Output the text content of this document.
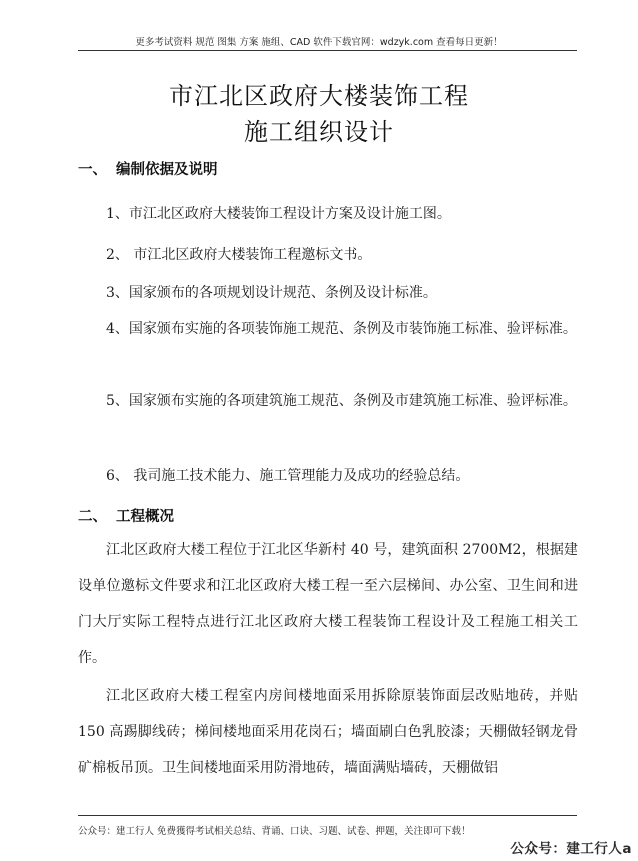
更多考试资料 规范 图集 方案 施组、CAD 软件下载官网：wdzyk.com 查看每日更新！
市江北区政府大楼装饰工程
施工组织设计
一、 编制依据及说明

1、市江北区政府大楼装饰工程设计方案及设计施工图。

2、 市江北区政府大楼装饰工程邀标文书。

3、国家颁布的各项规划设计规范、条例及设计标准。

4、国家颁布实施的各项装饰施工规范、条例及市装饰施工标准、验评标准。

5、国家颁布实施的各项建筑施工规范、条例及市建筑施工标准、验评标准。

6、 我司施工技术能力、施工管理能力及成功的经验总结。

二、 工程概况

江北区政府大楼工程位于江北区华新村 40 号，建筑面积 2700M2，根据建设单位邀标文件要求和江北区政府大楼工程一至六层梯间、办公室、卫生间和进门大厅实际工程特点进行江北区政府大楼工程装饰工程设计及工程施工相关工作。

江北区政府大楼工程室内房间楼地面采用拆除原装饰面层改贴地砖，并贴 150 高踢脚线砖；梯间楼地面采用花岗石；墙面刷白色乳胶漆；天棚做轻钢龙骨矿棉板吊顶。卫生间楼地面采用防滑地砖，墙面满贴墙砖，天棚做铝

公众号：建工行人 免费獲得考试相关总结、背诵、口诀、习题、试卷、押题，关注即可下载！
公众号：建工行人a
